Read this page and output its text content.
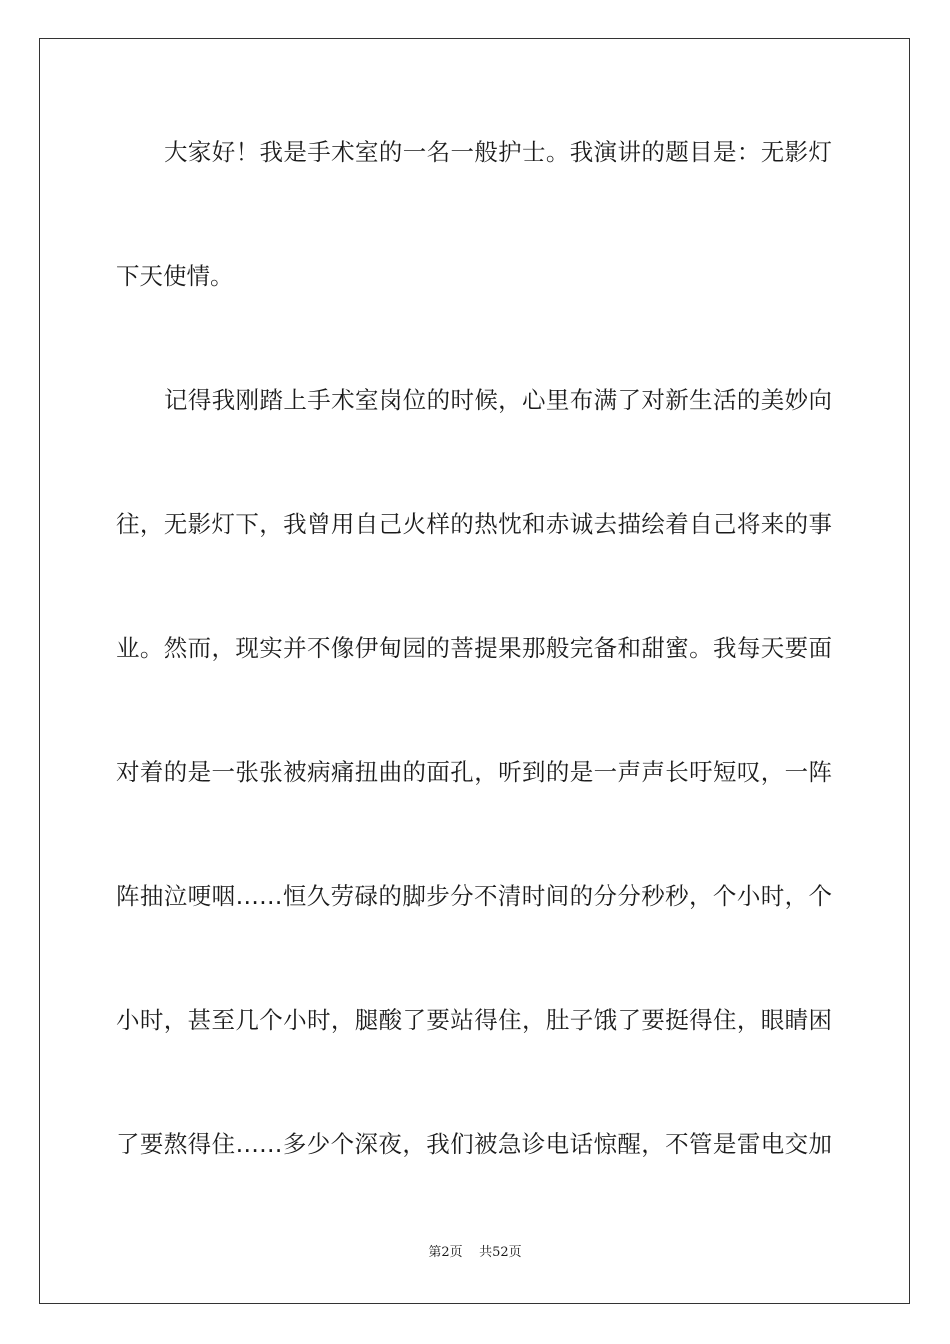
大家好！我是手术室的一名一般护士。我演讲的题目是：无影灯
下天使情。
记得我刚踏上手术室岗位的时候，心里布满了对新生活的美妙向
往，无影灯下，我曾用自己火样的热忱和赤诚去描绘着自己将来的事
业。然而，现实并不像伊甸园的菩提果那般完备和甜蜜。我每天要面
对着的是一张张被病痛扭曲的面孔，听到的是一声声长吁短叹，一阵
阵抽泣哽咽……恒久劳碌的脚步分不清时间的分分秒秒，个小时，个
小时，甚至几个小时，腿酸了要站得住，肚子饿了要挺得住，眼睛困
了要熬得住……多少个深夜，我们被急诊电话惊醒，不管是雷电交加
第2页 共52页
